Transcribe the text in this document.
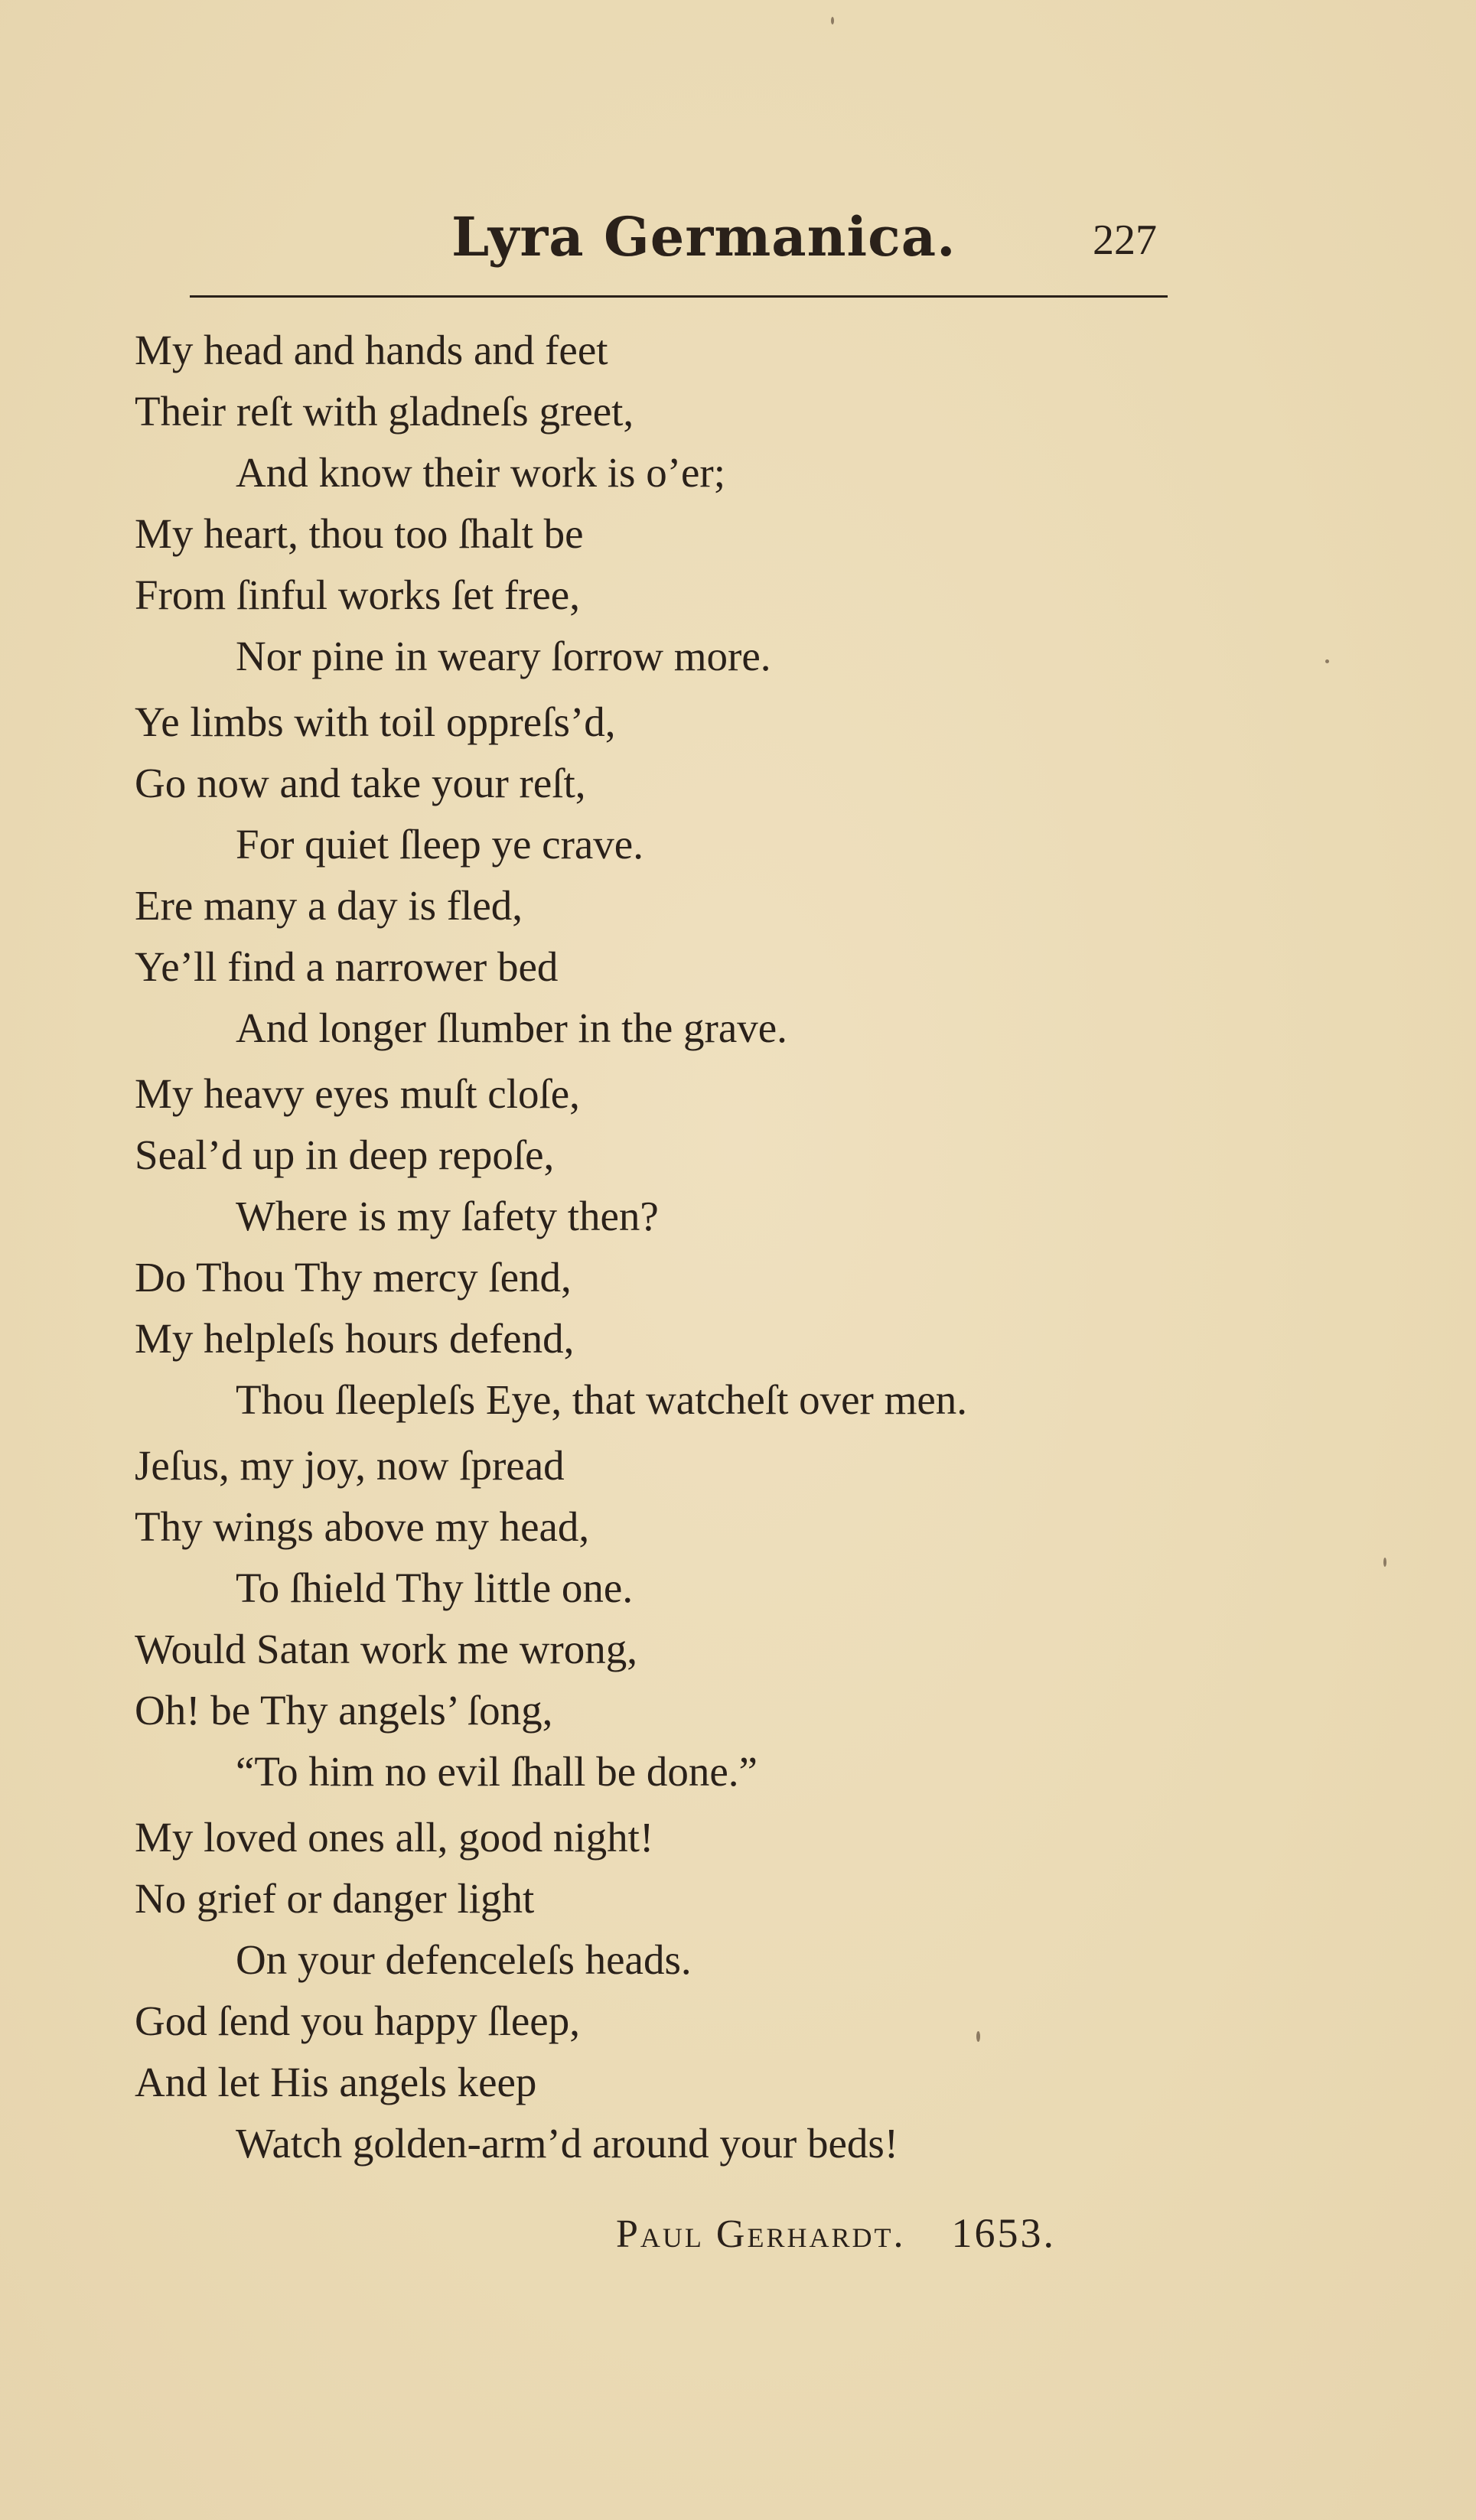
Lyra Germanica.	227
My head and hands and feet
Their reſt with gladneſs greet,
And know their work is o’er;
My heart, thou too ſhalt be
From ſinful works ſet free,
Nor pine in weary ſorrow more.
Ye limbs with toil oppreſs’d,
Go now and take your reſt,
For quiet ſleep ye crave.
Ere many a day is fled,
Ye’ll find a narrower bed
And longer ſlumber in the grave.
My heavy eyes muſt cloſe,
Seal’d up in deep repoſe,
Where is my ſafety then?
Do Thou Thy mercy ſend,
My helpleſs hours defend,
Thou ſleepleſs Eye, that watcheſt over men.
Jeſus, my joy, now ſpread
Thy wings above my head,
To ſhield Thy little one.
Would Satan work me wrong,
Oh! be Thy angels’ ſong,
“To him no evil ſhall be done.”
My loved ones all, good night!
No grief or danger light
On your defenceleſs heads.
God ſend you happy ſleep,
And let His angels keep
Watch golden-arm’d around your beds!
Paul Gerhardt. 1653.
